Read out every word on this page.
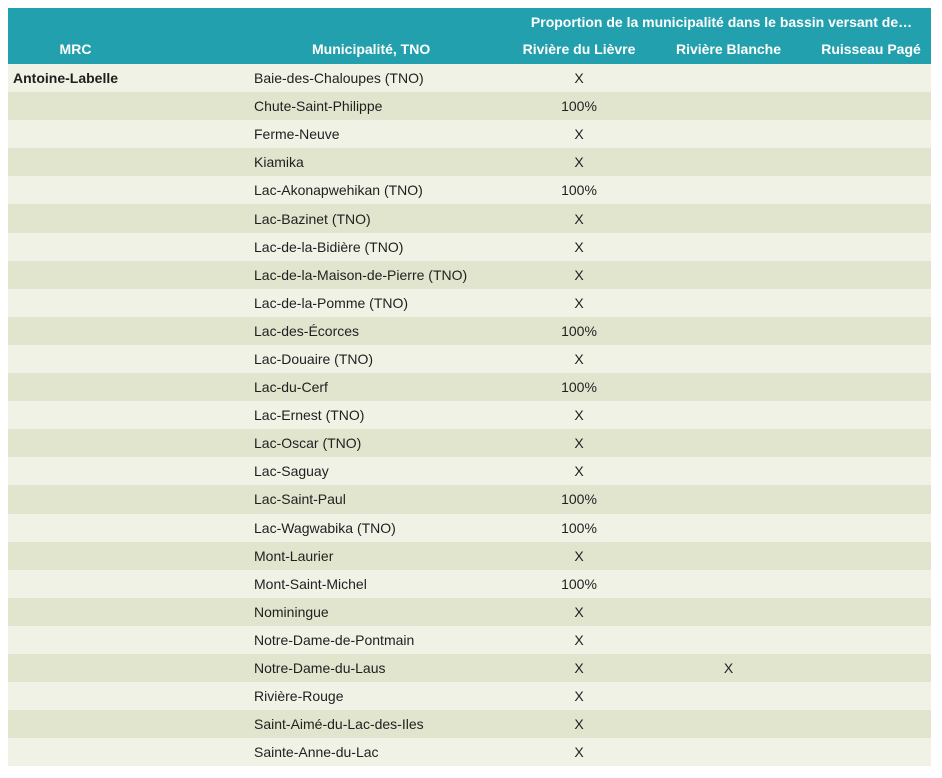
		Proportion de la municipalité dans le bassin versant de…		
MRC	Municipalité, TNO	Rivière du Lièvre	Rivière Blanche	Ruisseau Pagé
Antoine-Labelle	Baie-des-Chaloupes (TNO)	X		
	Chute-Saint-Philippe	100%		
	Ferme-Neuve	X		
	Kiamika	X		
	Lac-Akonapwehikan (TNO)	100%		
	Lac-Bazinet (TNO)	X		
	Lac-de-la-Bidière (TNO)	X		
	Lac-de-la-Maison-de-Pierre (TNO)	X		
	Lac-de-la-Pomme (TNO)	X		
	Lac-des-Écorces	100%		
	Lac-Douaire (TNO)	X		
	Lac-du-Cerf	100%		
	Lac-Ernest (TNO)	X		
	Lac-Oscar (TNO)	X		
	Lac-Saguay	X		
	Lac-Saint-Paul	100%		
	Lac-Wagwabika (TNO)	100%		
	Mont-Laurier	X		
	Mont-Saint-Michel	100%		
	Nominingue	X		
	Notre-Dame-de-Pontmain	X		
	Notre-Dame-du-Laus	X	X	
	Rivière-Rouge	X		
	Saint-Aimé-du-Lac-des-Iles	X		
	Sainte-Anne-du-Lac	X		
